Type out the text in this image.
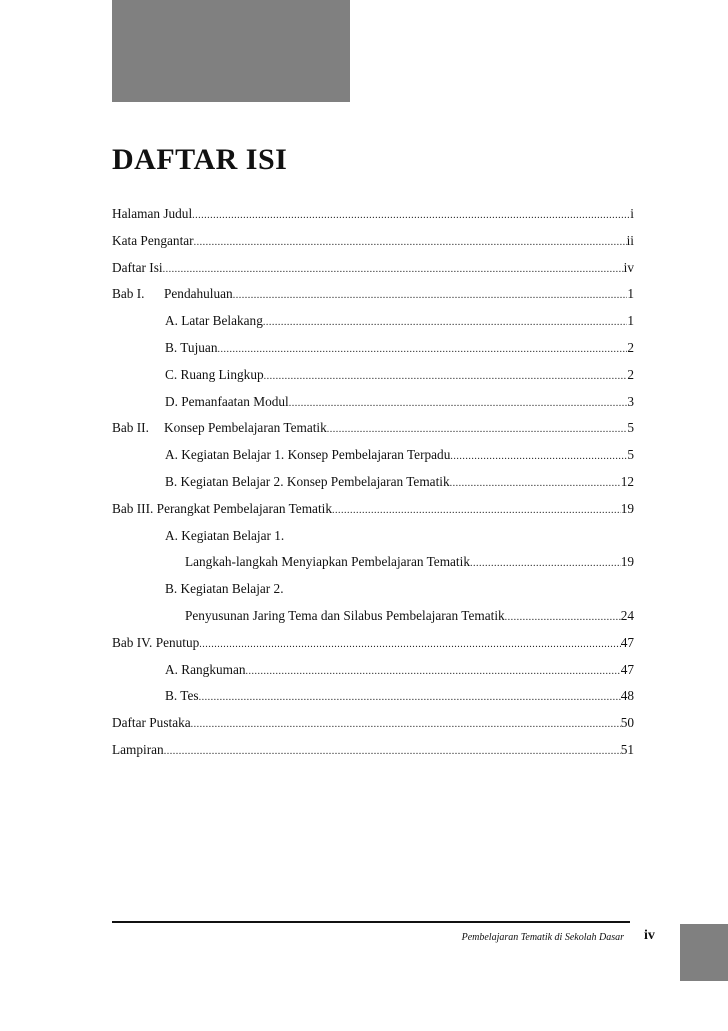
DAFTAR ISI
Halaman Judul .....	i
Kata Pengantar .....	ii
Daftar Isi .....	iv
Bab I. Pendahuluan .....	1
A. Latar Belakang .....	1
B. Tujuan .....	2
C. Ruang Lingkup .....	2
D. Pemanfaatan Modul .....	3
Bab II. Konsep Pembelajaran Tematik .....	5
A. Kegiatan Belajar 1. Konsep Pembelajaran Terpadu .....	5
B. Kegiatan Belajar 2. Konsep Pembelajaran Tematik .....	12
Bab III. Perangkat Pembelajaran Tematik .....	19
A. Kegiatan Belajar 1.
Langkah-langkah Menyiapkan Pembelajaran Tematik .....	19
B. Kegiatan Belajar 2.
Penyusunan Jaring Tema dan Silabus Pembelajaran Tematik .....	24
Bab IV. Penutup .....	47
A. Rangkuman .....	47
B. Tes .....	48
Daftar Pustaka .....	50
Lampiran .....	51
Pembelajaran Tematik di Sekolah Dasar iv
